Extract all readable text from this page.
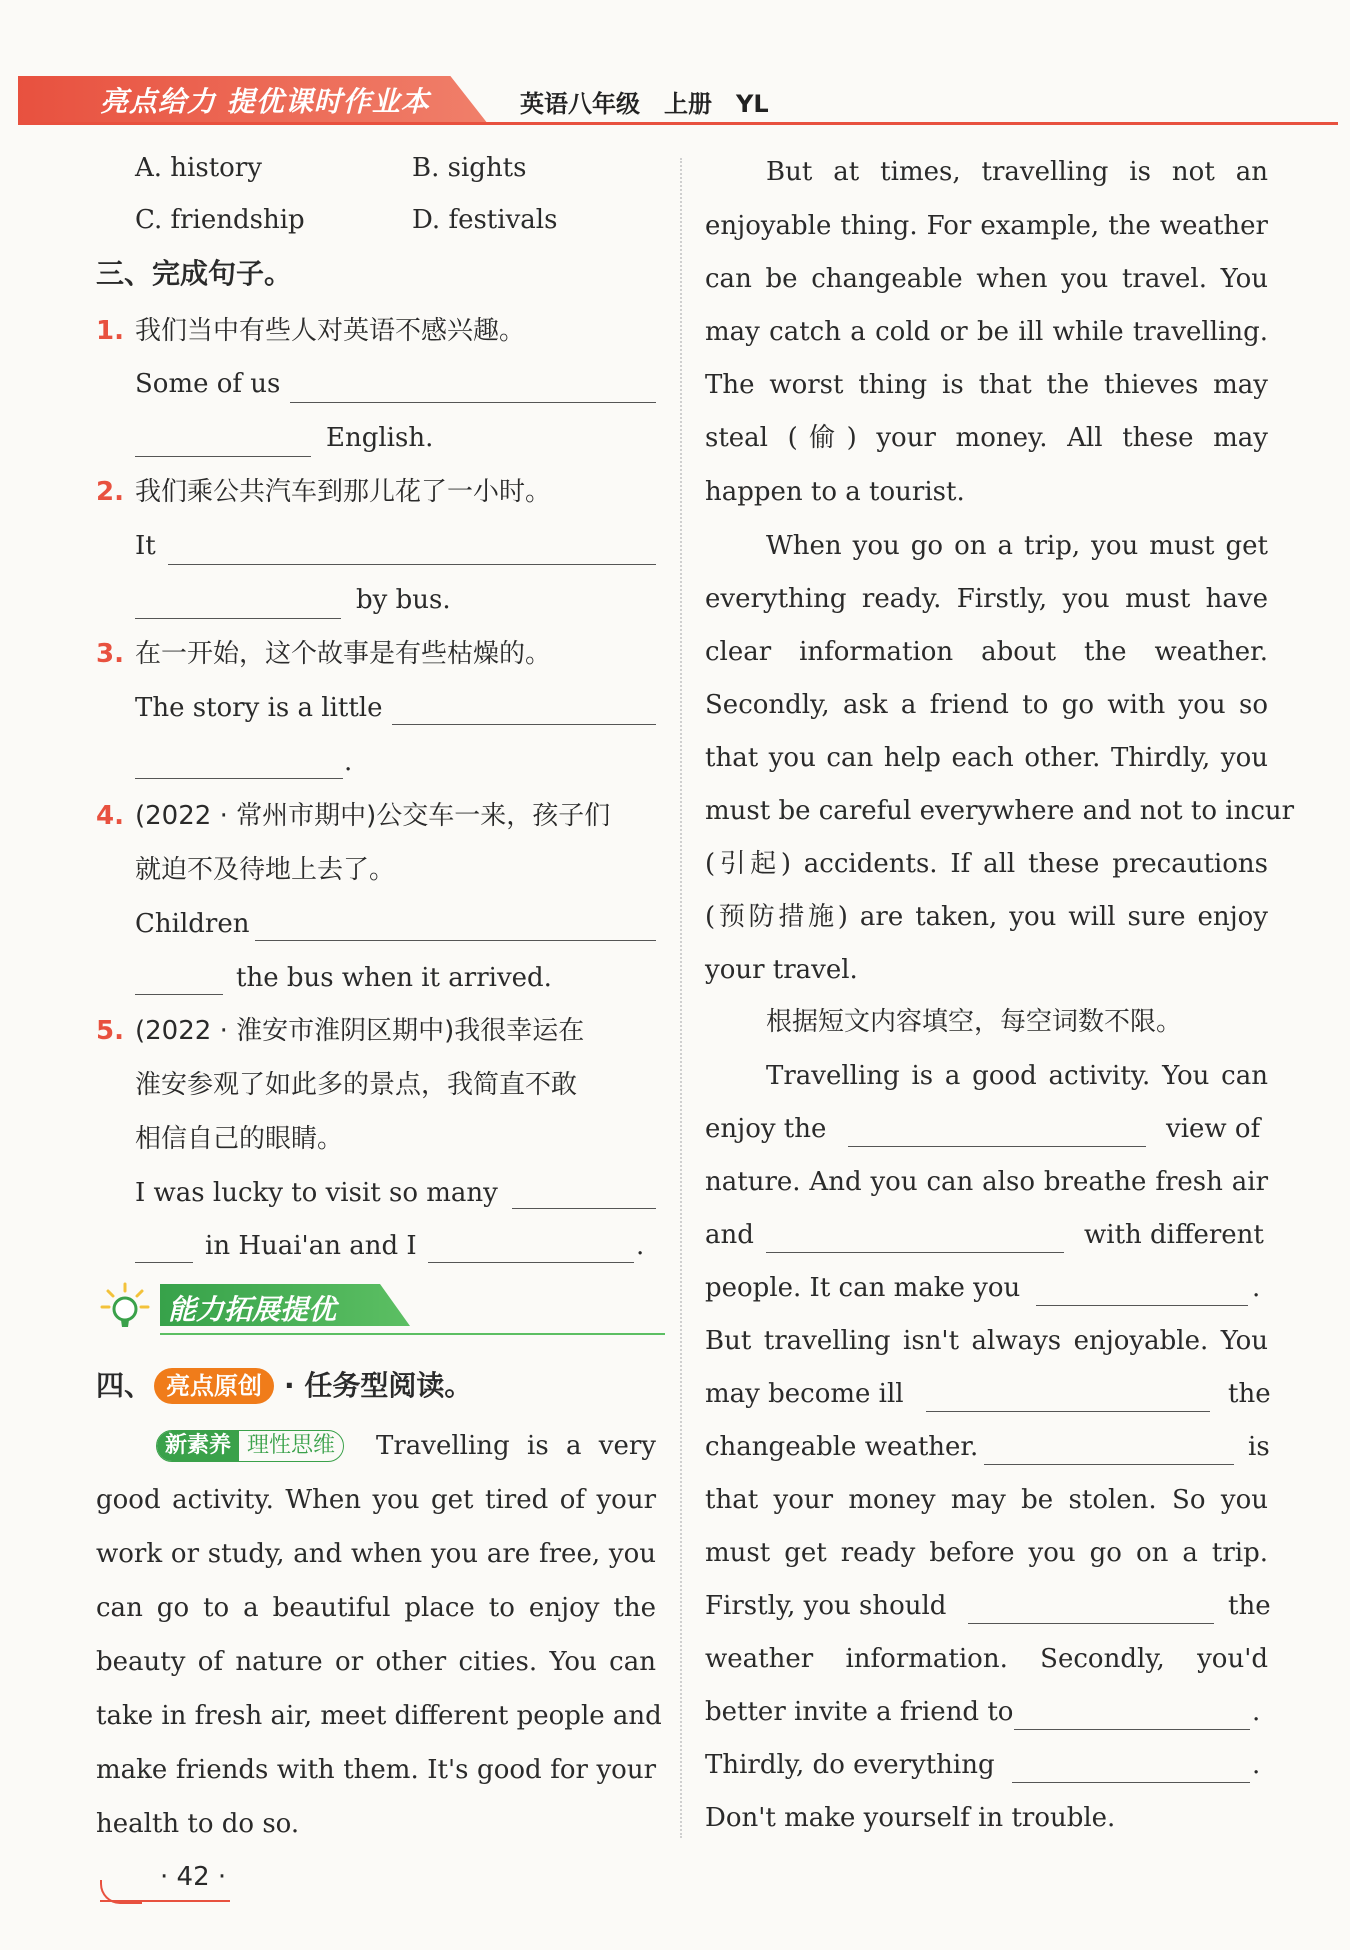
亮点给力 提优课时作业本	英语八年级　上册　YL
A. history	B. sights
C. friendship	D. festivals
三、完成句子。
1. 我们当中有些人对英语不感兴趣。
Some of us
English.
2. 我们乘公共汽车到那儿花了一小时。
It
by bus.
3. 在一开始，这个故事是有些枯燥的。
The story is a little
.
4. (2022 · 常州市期中)公交车一来，孩子们
就迫不及待地上去了。
Children
the bus when it arrived.
5. (2022 · 淮安市淮阴区期中)我很幸运在
淮安参观了如此多的景点，我简直不敢
相信自己的眼睛。
I was lucky to visit so many
in Huai'an and I	.
能力拓展提优
四、 亮点原创 · 任务型阅读。
新素养 理性思维	Travelling is a very
good activity. When you get tired of your
work or study, and when you are free, you
can go to a beautiful place to enjoy the
beauty of nature or other cities. You can
take in fresh air, meet different people and
make friends with them. It's good for your
health to do so.
But at times, travelling is not an
enjoyable thing. For example, the weather
can be changeable when you travel. You
may catch a cold or be ill while travelling.
The worst thing is that the thieves may
steal (偷) your money. All these may
happen to a tourist.
When you go on a trip, you must get
everything ready. Firstly, you must have
clear information about the weather.
Secondly, ask a friend to go with you so
that you can help each other. Thirdly, you
must be careful everywhere and not to incur
(引起) accidents. If all these precautions
(预防措施) are taken, you will sure enjoy
your travel.
根据短文内容填空，每空词数不限。
Travelling is a good activity. You can
enjoy the	view of
nature. And you can also breathe fresh air
and	with different
people. It can make you	.
But travelling isn't always enjoyable. You
may become ill	the
changeable weather.	is
that your money may be stolen. So you
must get ready before you go on a trip.
Firstly, you should	the
weather information. Secondly, you'd
better invite a friend to	.
Thirdly, do everything	.
Don't make yourself in trouble.
· 42 ·
